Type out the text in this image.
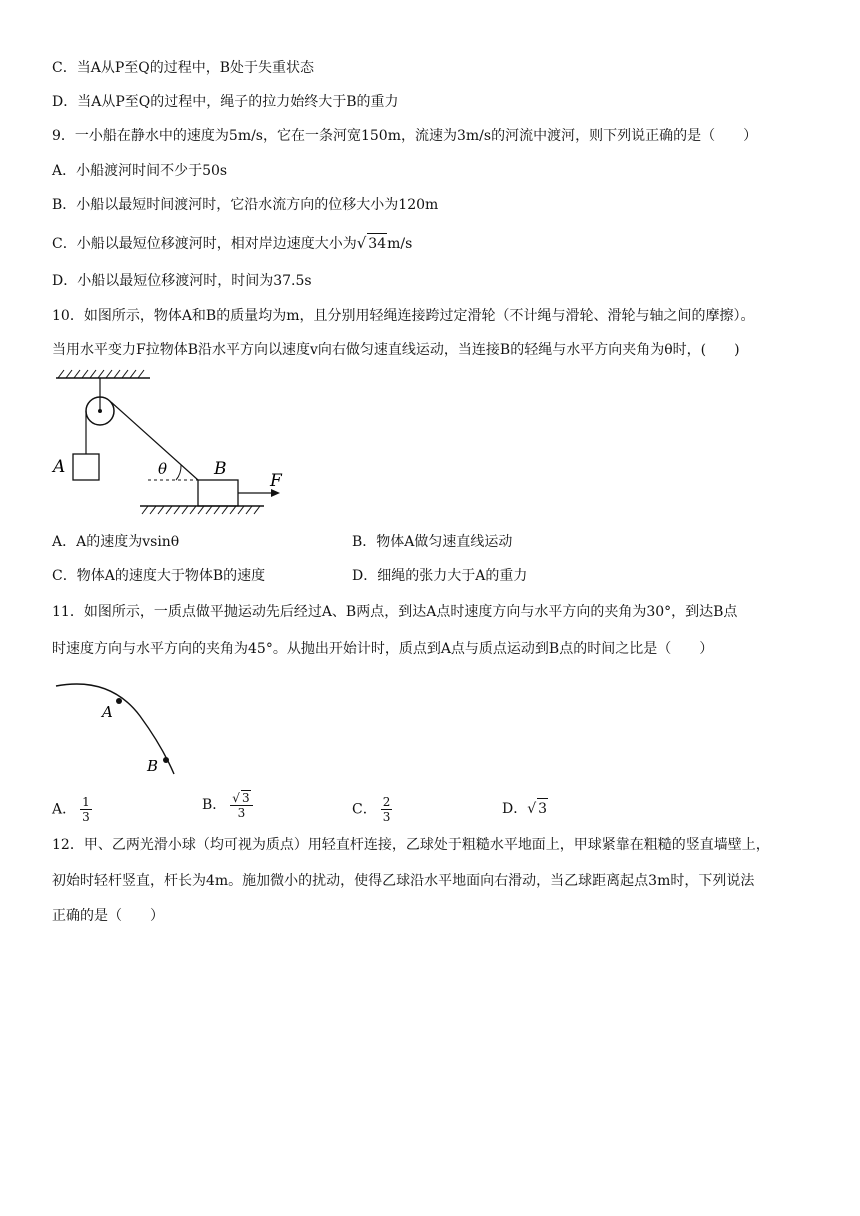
C．当A从P至Q的过程中，B处于失重状态
D．当A从P至Q的过程中，绳子的拉力始终大于B的重力
9．一小船在静水中的速度为5m/s，它在一条河宽150m，流速为3m/s的河流中渡河，则下列说正确的是（　　）
A．小船渡河时间不少于50s
B．小船以最短时间渡河时，它沿水流方向的位移大小为120m
C．小船以最短位移渡河时，相对岸边速度大小为√ 34m/s
D．小船以最短位移渡河时，时间为37.5s
10．如图所示，物体A和B的质量均为m，且分别用轻绳连接跨过定滑轮（不计绳与滑轮、滑轮与轴之间的摩擦）。
当用水平变力F拉物体B沿水平方向以速度v向右做匀速直线运动，当连接B的轻绳与水平方向夹角为θ时，(　　)
A	θ	B
F
A．A的速度为vsinθ	B．物体A做匀速直线运动
C．物体A的速度大于物体B的速度	D．细绳的张力大于A的重力
11．如图所示，一质点做平抛运动先后经过A、B两点，到达A点时速度方向与水平方向的夹角为30°，到达B点
时速度方向与水平方向的夹角为45°。从抛出开始计时，质点到A点与质点运动到B点的时间之比是（　　）
A
B
A． $\frac{1}{3}$	B． $\frac{√ 3}{3}$	C． $\frac{2}{3}$	D．√ 3
12．甲、乙两光滑小球（均可视为质点）用轻直杆连接，乙球处于粗糙水平地面上，甲球紧靠在粗糙的竖直墙壁上，
初始时轻杆竖直，杆长为4m。施加微小的扰动，使得乙球沿水平地面向右滑动，当乙球距离起点3m时，下列说法
正确的是（　　）
